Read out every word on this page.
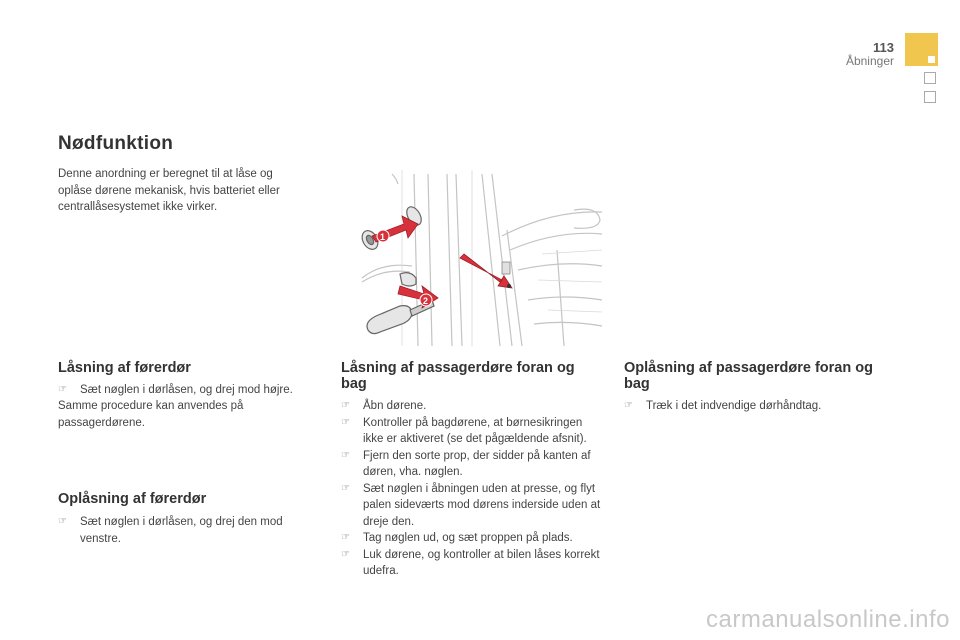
113
Åbninger
Nødfunktion
Denne anordning er beregnet til at låse og oplåse dørene mekanisk, hvis batteriet eller centrallåsesystemet ikke virker.
1
2
Låsning af førerdør
☞ Sæt nøglen i dørlåsen, og drej mod højre.
Samme procedure kan anvendes på passagerdørene.
Oplåsning af førerdør
☞ Sæt nøglen i dørlåsen, og drej den mod venstre.
Låsning af passagerdøre foran og bag
☞ Åbn dørene.
☞ Kontroller på bagdørene, at børnesikringen ikke er aktiveret (se det pågældende afsnit).
☞ Fjern den sorte prop, der sidder på kanten af døren, vha. nøglen.
☞ Sæt nøglen i åbningen uden at presse, og flyt palen sideværts mod dørens inderside uden at dreje den.
☞ Tag nøglen ud, og sæt proppen på plads.
☞ Luk dørene, og kontroller at bilen låses korrekt udefra.
Oplåsning af passagerdøre foran og bag
☞ Træk i det indvendige dørhåndtag.
carmanualsonline.info
